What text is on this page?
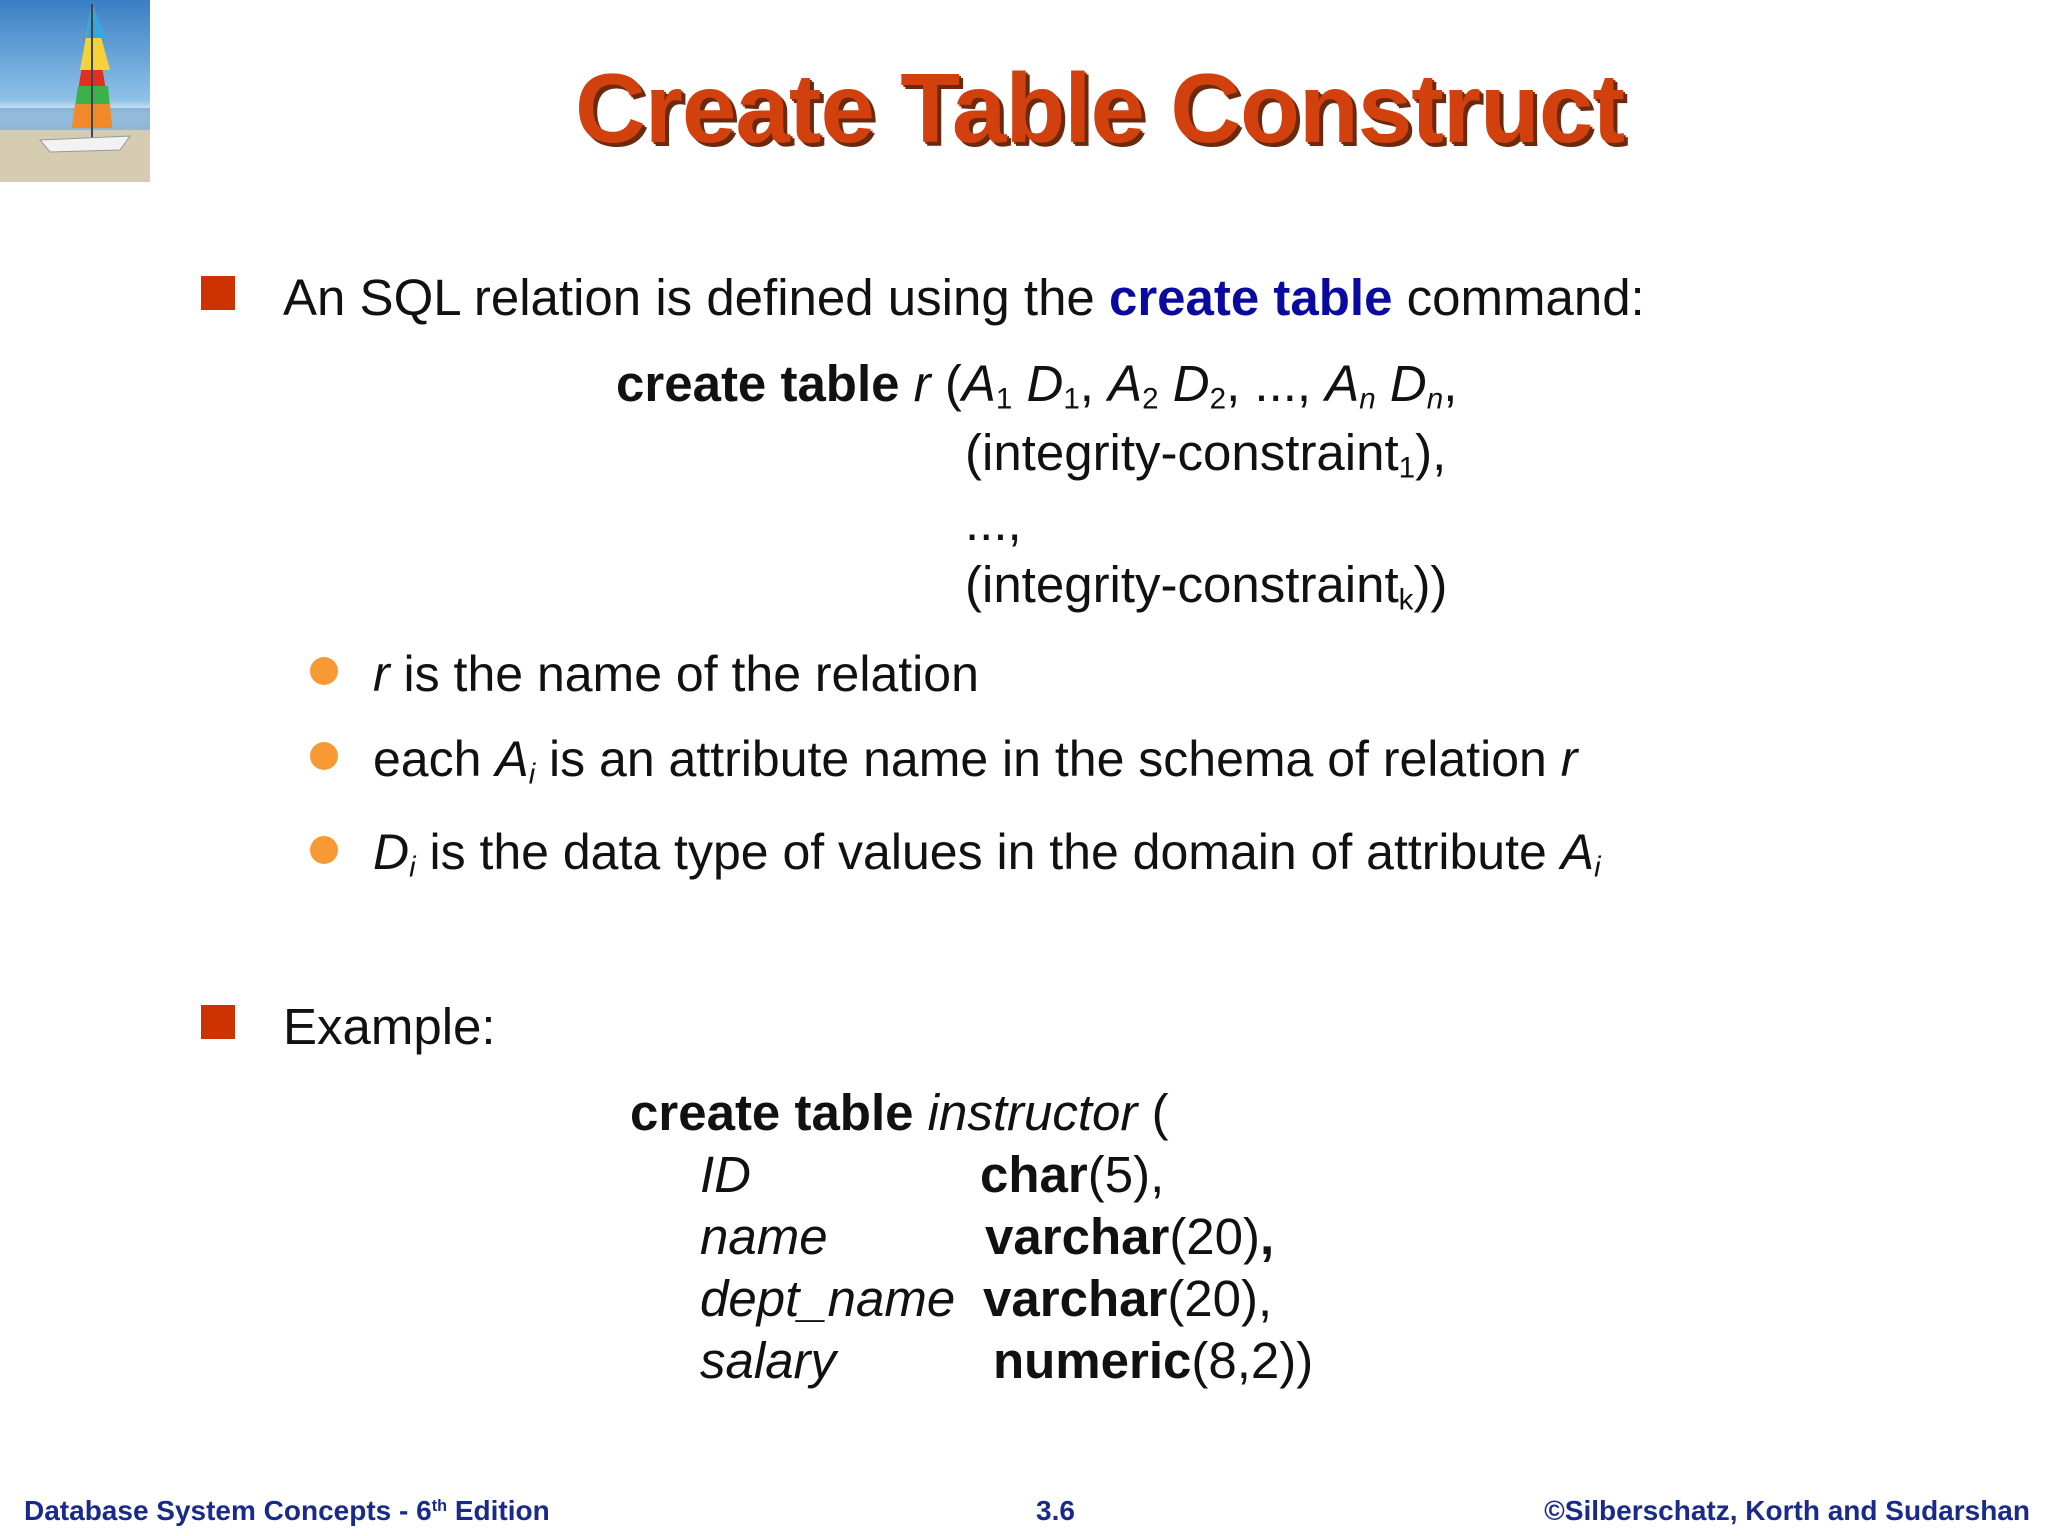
Create Table Construct

An SQL relation is defined using the create table command:

create table r ($A_1$ $D_1$, $A_2$ $D_2$, ..., $A_n$ $D_n$,

(integrity-constraint$_1$),

...,

(integrity-constraint$_k$))

r is the name of the relation

each $A_i$ is an attribute name in the schema of relation r

$D_i$ is the data type of values in the domain of attribute $A_i$

Example:

create table instructor (

ID	char(5),

name	varchar(20),

dept_name varchar(20),

salary	numeric(8,2))

Database System Concepts - 6th Edition	3.6	©Silberschatz, Korth and Sudarshan
